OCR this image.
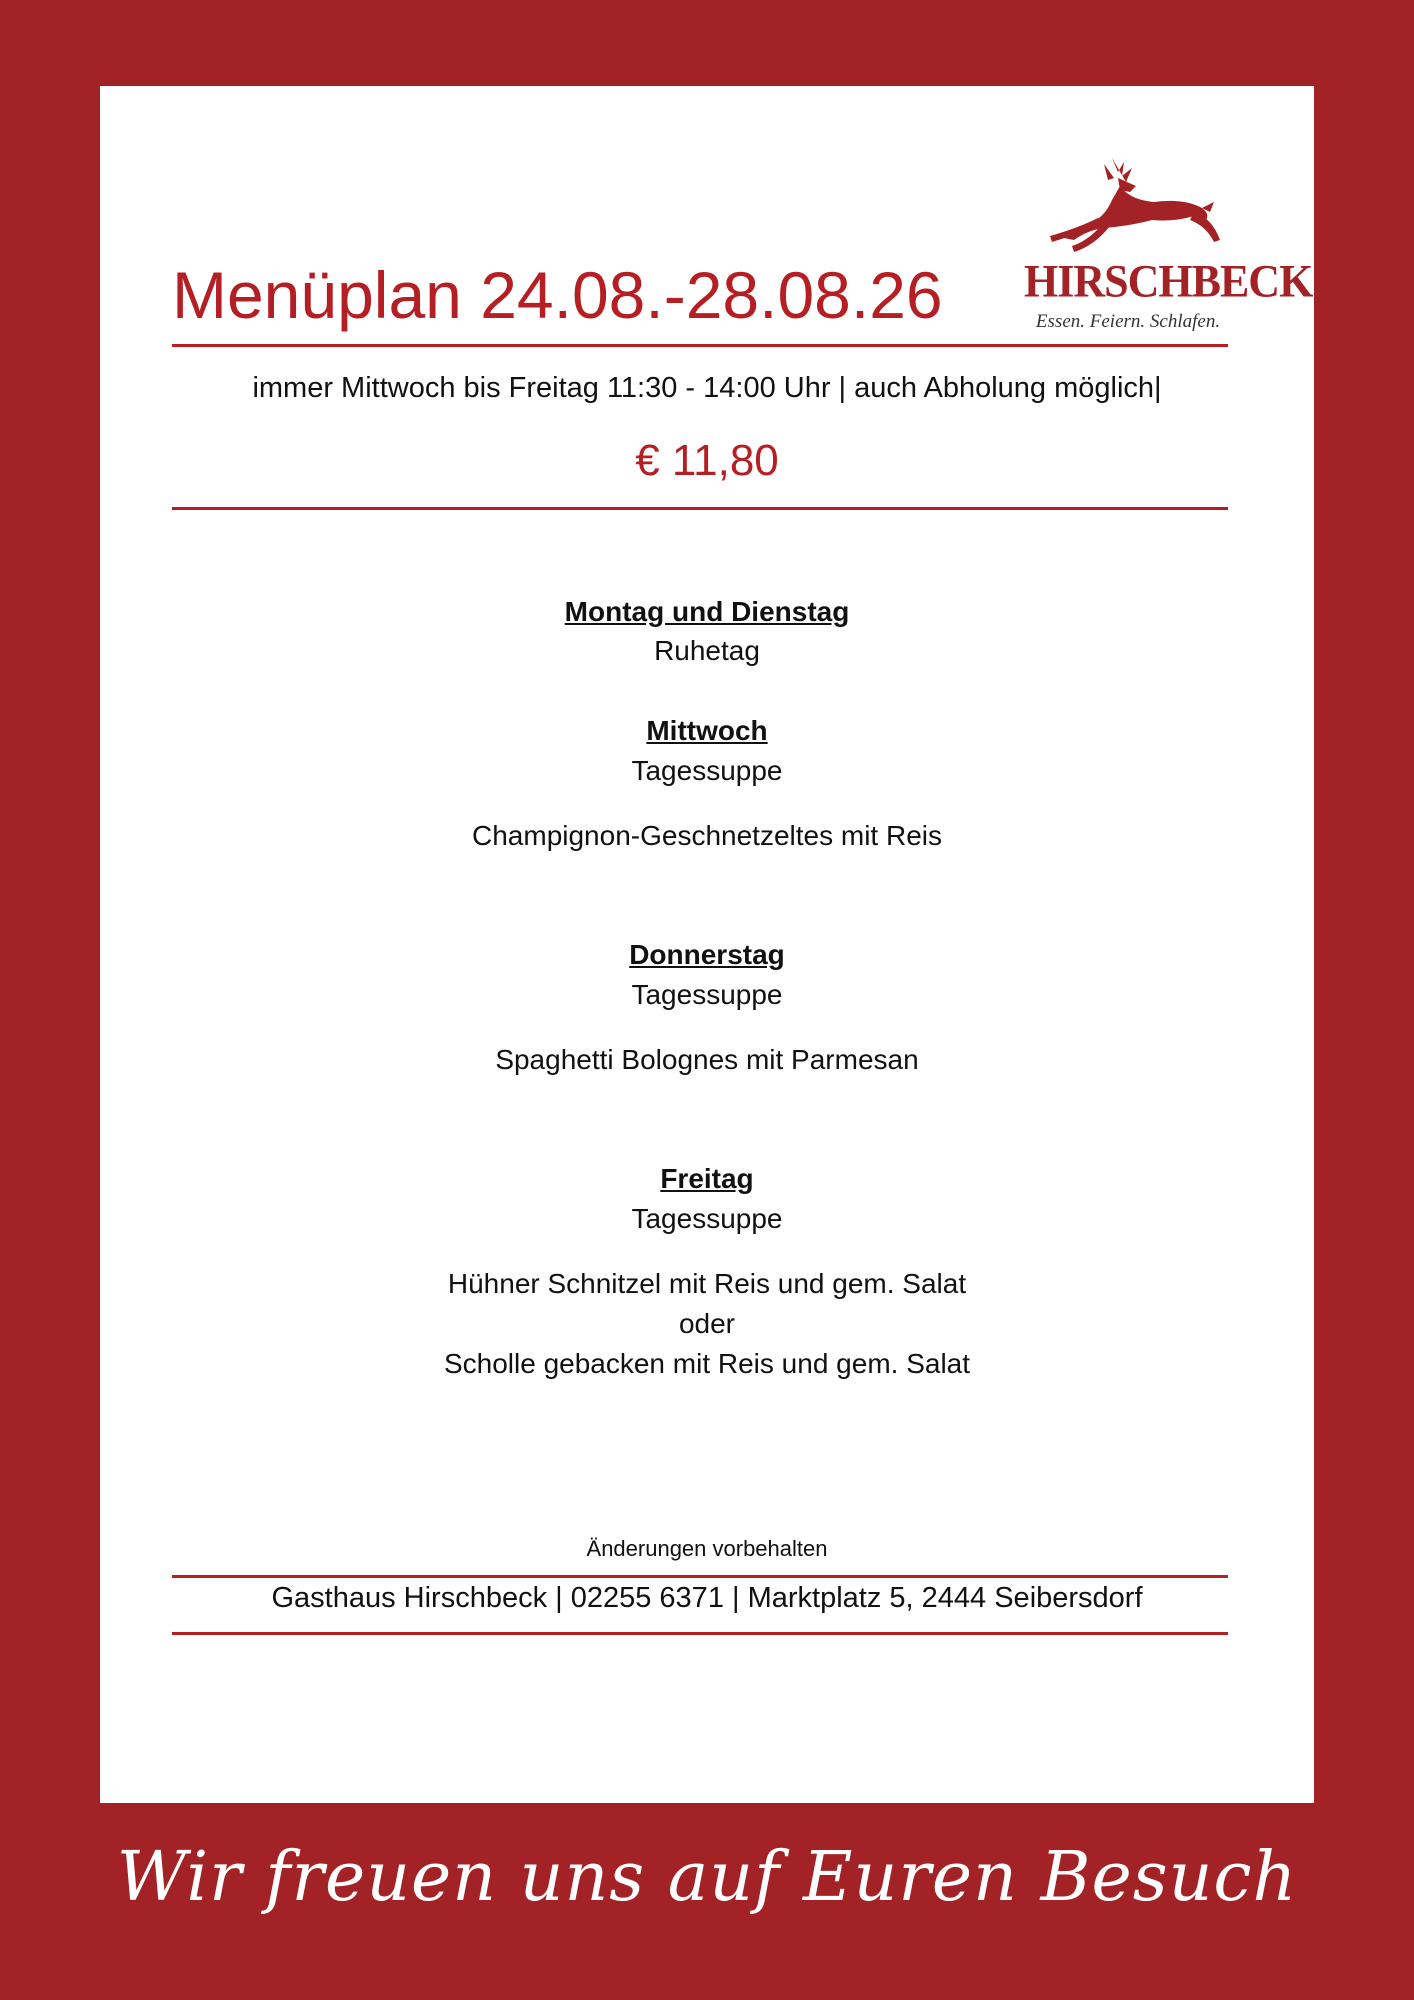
Menüplan 24.08.-28.08.26 HIRSCHBECK
Essen. Feiern. Schlafen.
immer Mittwoch bis Freitag 11:30 - 14:00 Uhr | auch Abholung möglich|
€ 11,80
Montag und Dienstag
Ruhetag
Mittwoch
Tagessuppe
Champignon-Geschnetzeltes mit Reis
Donnerstag
Tagessuppe
Spaghetti Bolognes mit Parmesan
Freitag
Tagessuppe
Hühner Schnitzel mit Reis und gem. Salat
oder
Scholle gebacken mit Reis und gem. Salat
Änderungen vorbehalten
Gasthaus Hirschbeck | 02255 6371 | Marktplatz 5, 2444 Seibersdorf
Wir freuen uns auf Euren Besuch
